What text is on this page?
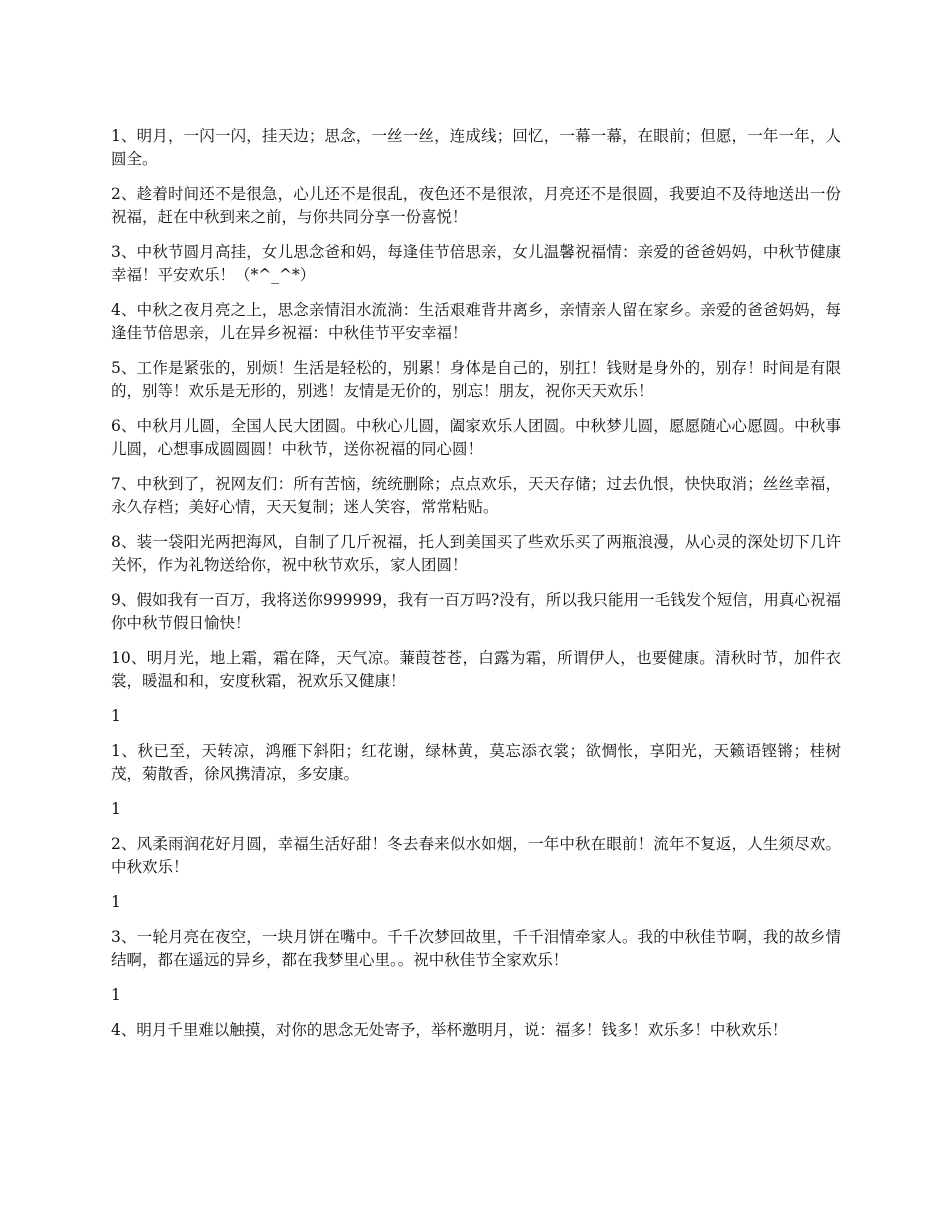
1、明月，一闪一闪，挂天边；思念，一丝一丝，连成线；回忆，一幕一幕，在眼前；但愿，一年一年，人圆全。

2、趁着时间还不是很急，心儿还不是很乱，夜色还不是很浓，月亮还不是很圆，我要迫不及待地送出一份祝福，赶在中秋到来之前，与你共同分享一份喜悦！

3、中秋节圆月高挂，女儿思念爸和妈，每逢佳节倍思亲，女儿温馨祝福情：亲爱的爸爸妈妈，中秋节健康幸福！平安欢乐！（*^_^*）

4、中秋之夜月亮之上，思念亲情泪水流淌：生活艰难背井离乡，亲情亲人留在家乡。亲爱的爸爸妈妈，每逢佳节倍思亲，儿在异乡祝福：中秋佳节平安幸福！

5、工作是紧张的，别烦！生活是轻松的，别累！身体是自己的，别扛！钱财是身外的，别存！时间是有限的，别等！欢乐是无形的，别逃！友情是无价的，别忘！朋友，祝你天天欢乐！

6、中秋月儿圆，全国人民大团圆。中秋心儿圆，阖家欢乐人团圆。中秋梦儿圆，愿愿随心心愿圆。中秋事儿圆，心想事成圆圆圆！中秋节，送你祝福的同心圆！

7、中秋到了，祝网友们：所有苦恼，统统删除；点点欢乐，天天存储；过去仇恨，快快取消；丝丝幸福，永久存档；美好心情，天天复制；迷人笑容，常常粘贴。

8、装一袋阳光两把海风，自制了几斤祝福，托人到美国买了些欢乐买了两瓶浪漫，从心灵的深处切下几许关怀，作为礼物送给你，祝中秋节欢乐，家人团圆！

9、假如我有一百万，我将送你999999，我有一百万吗?没有，所以我只能用一毛钱发个短信，用真心祝福你中秋节假日愉快！

10、明月光，地上霜，霜在降，天气凉。蒹葭苍苍，白露为霜，所谓伊人，也要健康。清秋时节，加件衣裳，暖温和和，安度秋霜，祝欢乐又健康！

1

1、秋已至，天转凉，鸿雁下斜阳；红花谢，绿林黄，莫忘添衣裳；欲惆怅，享阳光，天籁语铿锵；桂树茂，菊散香，徐风携清凉，多安康。

1

2、风柔雨润花好月圆，幸福生活好甜！冬去春来似水如烟，一年中秋在眼前！流年不复返，人生须尽欢。中秋欢乐！

1

3、一轮月亮在夜空，一块月饼在嘴中。千千次梦回故里，千千泪情牵家人。我的中秋佳节啊，我的故乡情结啊，都在遥远的异乡，都在我梦里心里。。祝中秋佳节全家欢乐！

1

4、明月千里难以触摸，对你的思念无处寄予，举杯邀明月，说：福多！钱多！欢乐多！中秋欢乐！
